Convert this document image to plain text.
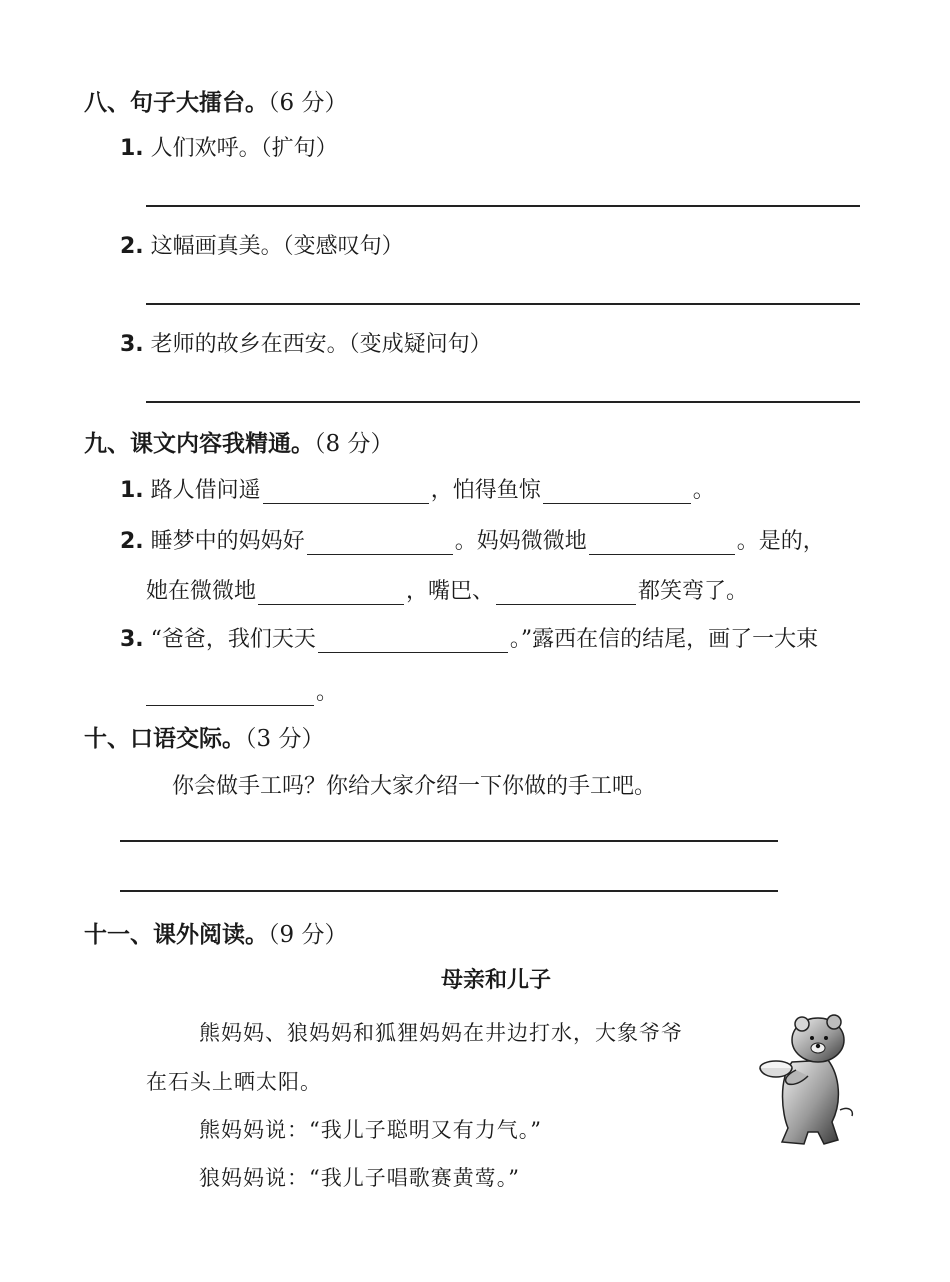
八、句子大擂台。（6 分）
1. 人们欢呼。（扩句）
2. 这幅画真美。（变感叹句）
3. 老师的故乡在西安。（变成疑问句）
九、课文内容我精通。（8 分）
1. 路人借问遥	，怕得鱼惊	。
2. 睡梦中的妈妈好	。妈妈微微地	。是的，
她在微微地	，嘴巴、	都笑弯了。
3. “爸爸，我们天天	。”露西在信的结尾，画了一大束
。
十、口语交际。（3 分）
你会做手工吗？你给大家介绍一下你做的手工吧。
十一、课外阅读。（9 分）
母亲和儿子
熊妈妈、狼妈妈和狐狸妈妈在井边打水，大象爷爷
在石头上晒太阳。
熊妈妈说：“我儿子聪明又有力气。”
狼妈妈说：“我儿子唱歌赛黄莺。”
